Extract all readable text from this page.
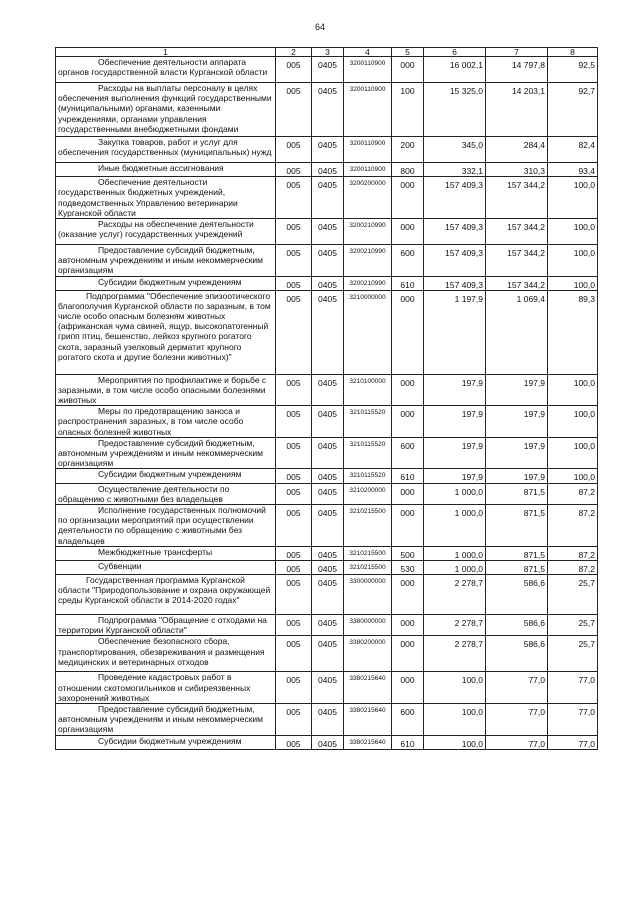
64
1	2	3	4	5	6	7	8
Обеспечение деятельности аппарата органов государственной власти Курганской области	005	0405	3200110900	000	16 002,1	14 797,8	92,5
Расходы на выплаты персоналу в целях обеспечения выполнения функций государственными (муниципальными) органами, казенными учреждениями, органами управления государственными внебюджетными фондами	005	0405	3200110900	100	15 325,0	14 203,1	92,7
Закупка товаров, работ и услуг для обеспечения государственных (муниципальных) нужд	005	0405	3200110900	200	345,0	284,4	82,4
Иные бюджетные ассигнования	005	0405	3200110900	800	332,1	310,3	93,4
Обеспечение деятельности государственных бюджетных учреждений, подведомственных Управлению ветеринарии Курганской области	005	0405	3200200000	000	157 409,3	157 344,2	100,0
Расходы на обеспечение деятельности (оказание услуг) государственных учреждений	005	0405	3200210990	000	157 409,3	157 344,2	100,0
Предоставление субсидий бюджетным, автономным учреждениям и иным некоммерческим организациям	005	0405	3200210990	600	157 409,3	157 344,2	100,0
Субсидии бюджетным учреждениям	005	0405	3200210990	610	157 409,3	157 344,2	100,0
Подпрограмма "Обеспечение эпизоотического благополучия Курганской области по заразным, в том числе особо опасным болезням животных (африканская чума свиней, ящур, высокопатогенный грипп птиц, бешенство, лейкоз крупного рогатого скота, заразный узелковый дерматит крупного рогатого скота и другие болезни животных)"	005	0405	3210000000	000	1 197,9	1 069,4	89,3
Мероприятия по профилактике и борьбе с заразными, в том числе особо опасными болезнями животных	005	0405	3210100000	000	197,9	197,9	100,0
Меры по предотвращению заноса и распространения заразных, в том числе особо опасных болезней животных	005	0405	3210115520	000	197,9	197,9	100,0
Предоставление субсидий бюджетным, автономным учреждениям и иным некоммерческим организациям	005	0405	3210115520	600	197,9	197,9	100,0
Субсидии бюджетным учреждениям	005	0405	3210115520	610	197,9	197,9	100,0
Осуществление деятельности по обращению с животными без владельцев	005	0405	3210200000	000	1 000,0	871,5	87,2
Исполнение государственных полномочий по организации мероприятий при осуществлении деятельности по обращению с животными без владельцев	005	0405	3210215500	000	1 000,0	871,5	87,2
Межбюджетные трансферты	005	0405	3210215500	500	1 000,0	871,5	87,2
Субвенции	005	0405	3210215500	530	1 000,0	871,5	87,2
Государственная программа Курганской области "Природопользование и охрана окружающей среды Курганской области в 2014-2020 годах"	005	0405	3300000000	000	2 278,7	586,6	25,7
Подпрограмма "Обращение с отходами на территории Курганской области"	005	0405	3380000000	000	2 278,7	586,6	25,7
Обеспечение безопасного сбора, транспортирования, обезвреживания и размещения медицинских и ветеринарных отходов	005	0405	3380200000	000	2 278,7	586,6	25,7
Проведение кадастровых работ в отношении скотомогильников и сибиреязвенных захоронений животных	005	0405	3380215640	000	100,0	77,0	77,0
Предоставление субсидий бюджетным, автономным учреждениям и иным некоммерческим организациям	005	0405	3380215640	600	100,0	77,0	77,0
Субсидии бюджетным учреждениям	005	0405	3380215640	610	100,0	77,0	77,0
